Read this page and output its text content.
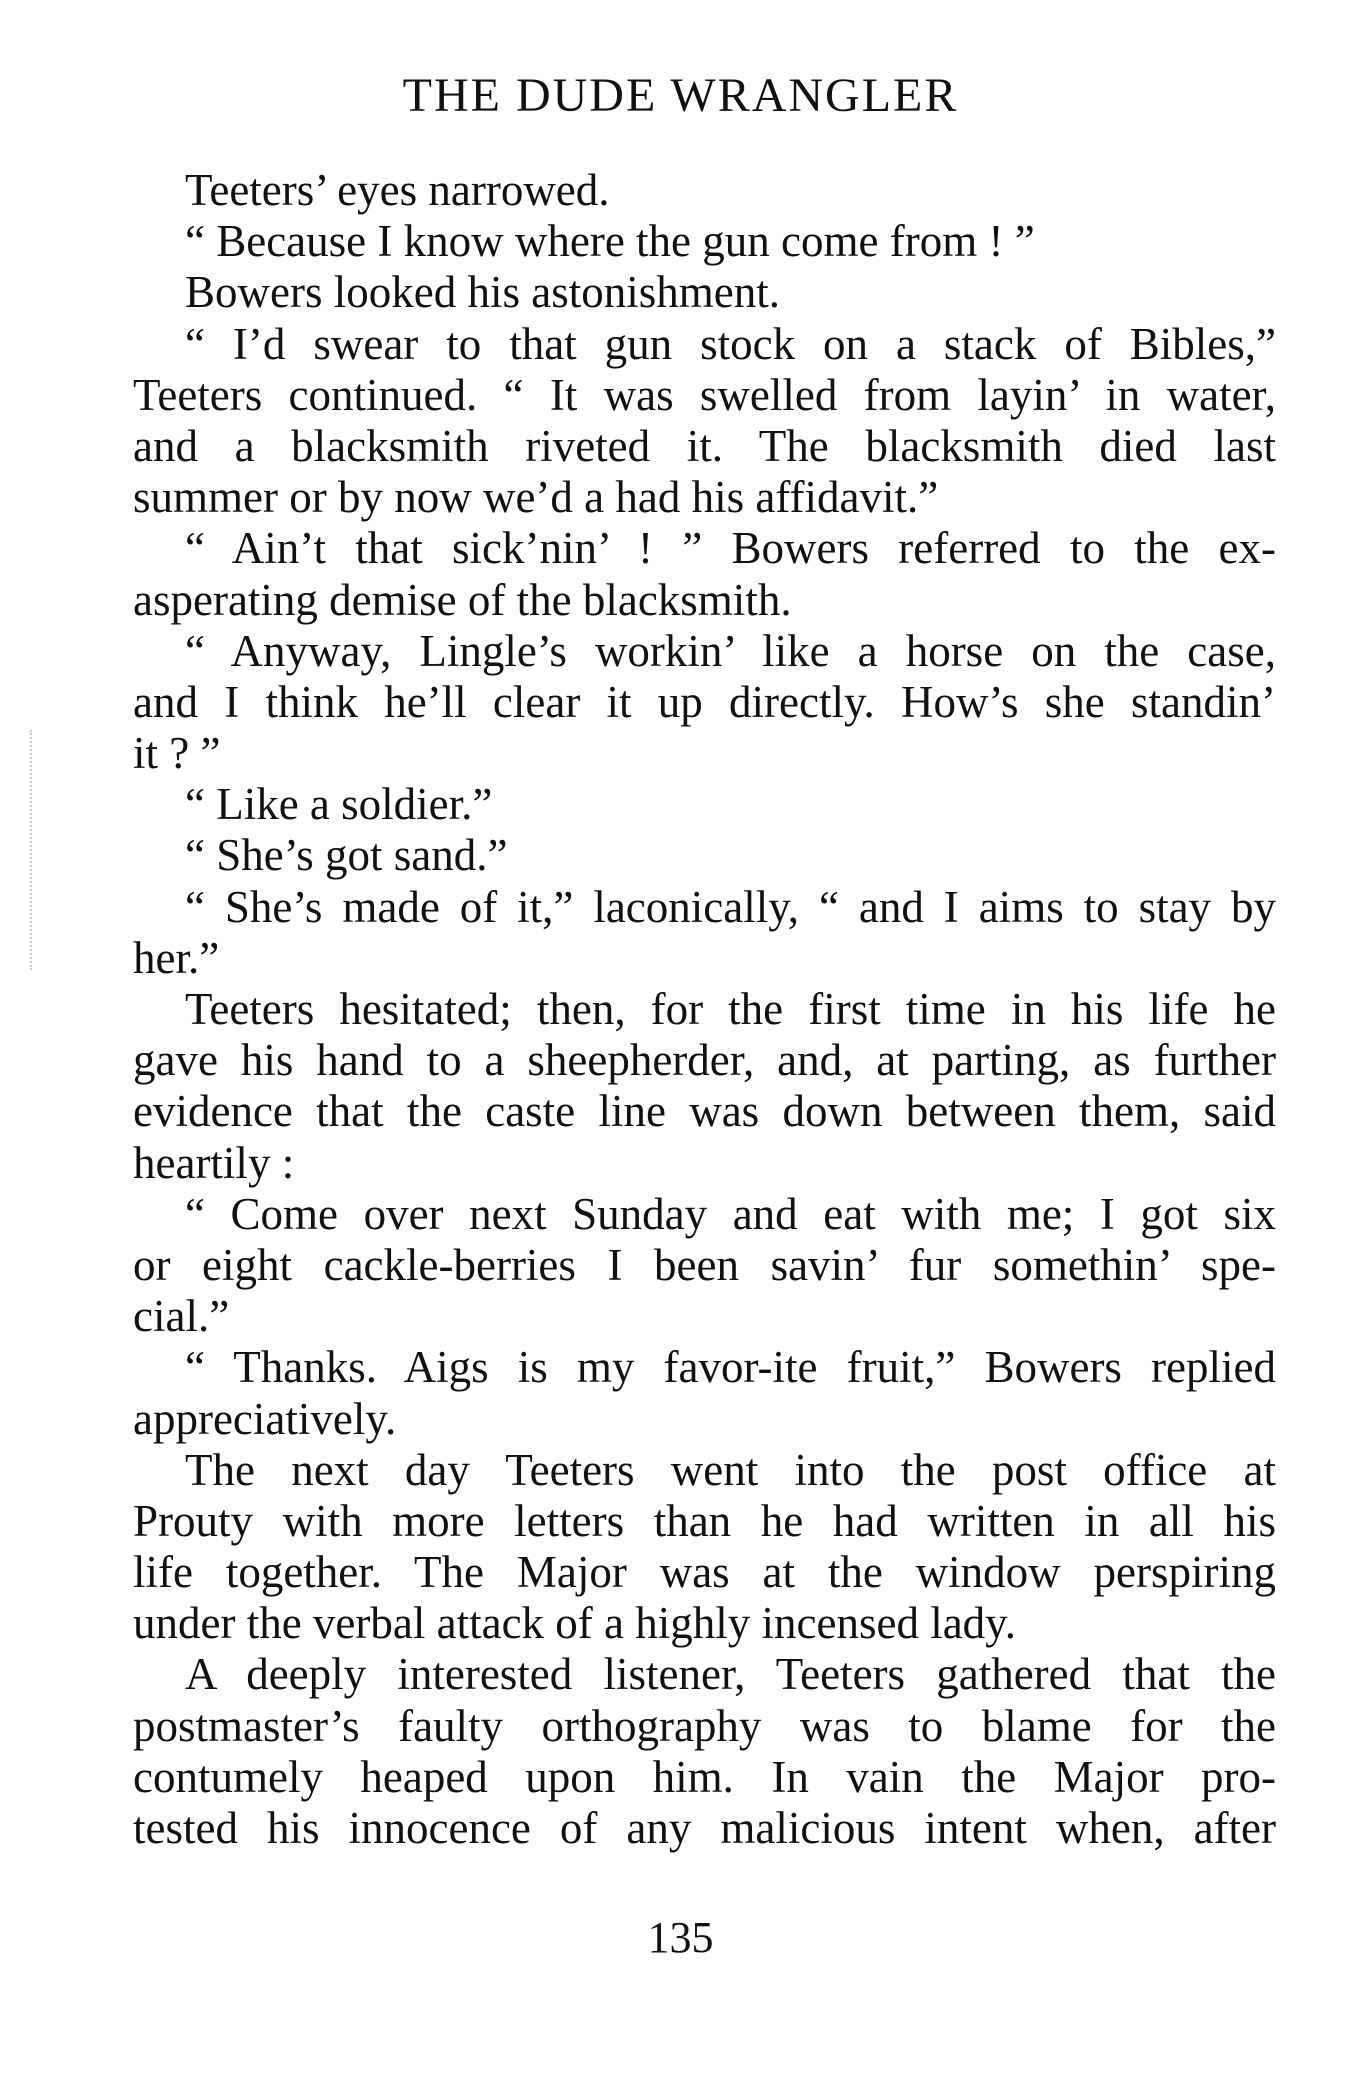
THE DUDE WRANGLER
Teeters’ eyes narrowed.
“ Because I know where the gun come from ! ”
Bowers looked his astonishment.
“ I’d swear to that gun stock on a stack of Bibles,”
Teeters continued. “ It was swelled from layin’ in water,
and a blacksmith riveted it. The blacksmith died last
summer or by now we’d a had his affidavit.”
“ Ain’t that sick’nin’ ! ” Bowers referred to the ex-
asperating demise of the blacksmith.
“ Anyway, Lingle’s workin’ like a horse on the case,
and I think he’ll clear it up directly. How’s she standin’
it ? ”
“ Like a soldier.”
“ She’s got sand.”
“ She’s made of it,” laconically, “ and I aims to stay by
her.”
Teeters hesitated; then, for the first time in his life he
gave his hand to a sheepherder, and, at parting, as further
evidence that the caste line was down between them, said
heartily :
“ Come over next Sunday and eat with me; I got six
or eight cackle-berries I been savin’ fur somethin’ spe-
cial.”
“ Thanks. Aigs is my favor-ite fruit,” Bowers replied
appreciatively.
The next day Teeters went into the post office at
Prouty with more letters than he had written in all his
life together. The Major was at the window perspiring
under the verbal attack of a highly incensed lady.
A deeply interested listener, Teeters gathered that the
postmaster’s faulty orthography was to blame for the
contumely heaped upon him. In vain the Major pro-
tested his innocence of any malicious intent when, after
135
